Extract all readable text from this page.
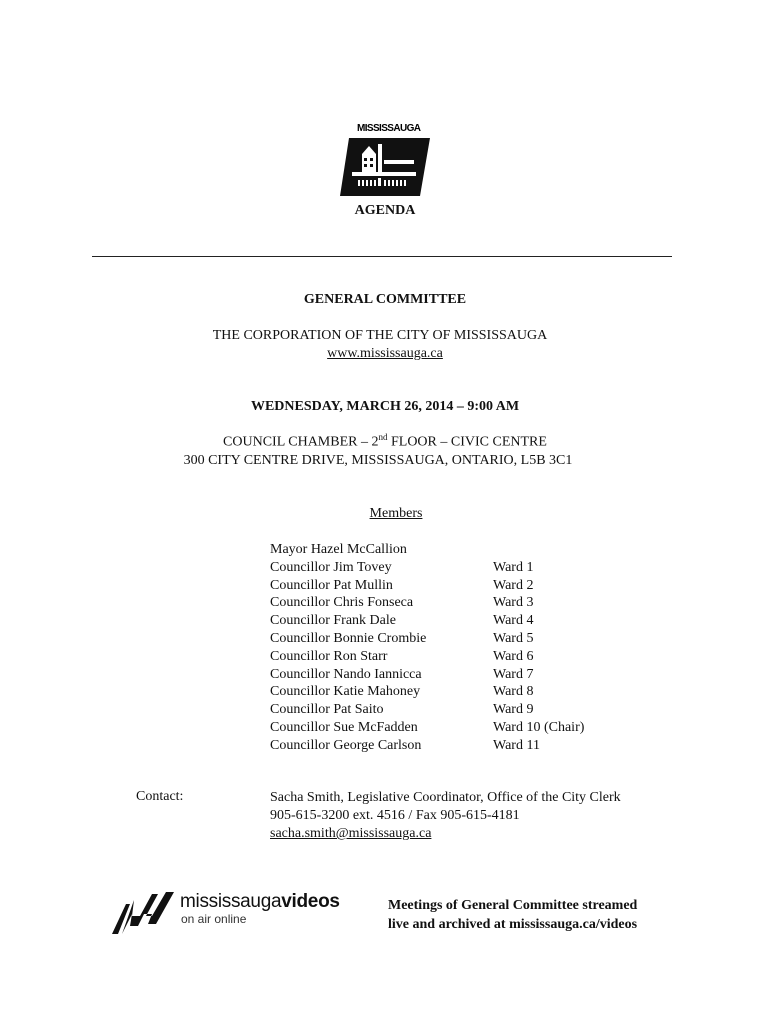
MISSISSAUGA
AGENDA
GENERAL COMMITTEE
THE CORPORATION OF THE CITY OF MISSISSAUGA
www.mississauga.ca
WEDNESDAY, MARCH 26, 2014 – 9:00 AM
COUNCIL CHAMBER – 2nd FLOOR – CIVIC CENTRE
300 CITY CENTRE DRIVE, MISSISSAUGA, ONTARIO, L5B 3C1
Members
Mayor Hazel McCallion
Councillor Jim Tovey	Ward 1
Councillor Pat Mullin	Ward 2
Councillor Chris Fonseca	Ward 3
Councillor Frank Dale	Ward 4
Councillor Bonnie Crombie	Ward 5
Councillor Ron Starr	Ward 6
Councillor Nando Iannicca	Ward 7
Councillor Katie Mahoney	Ward 8
Councillor Pat Saito	Ward 9
Councillor Sue McFadden	Ward 10 (Chair)
Councillor George Carlson	Ward 11
Contact:	Sacha Smith, Legislative Coordinator, Office of the City Clerk
905-615-3200 ext. 4516 / Fax 905-615-4181
sacha.smith@mississauga.ca
mississaugavideos
on air online
Meetings of General Committee streamed
live and archived at mississauga.ca/videos
